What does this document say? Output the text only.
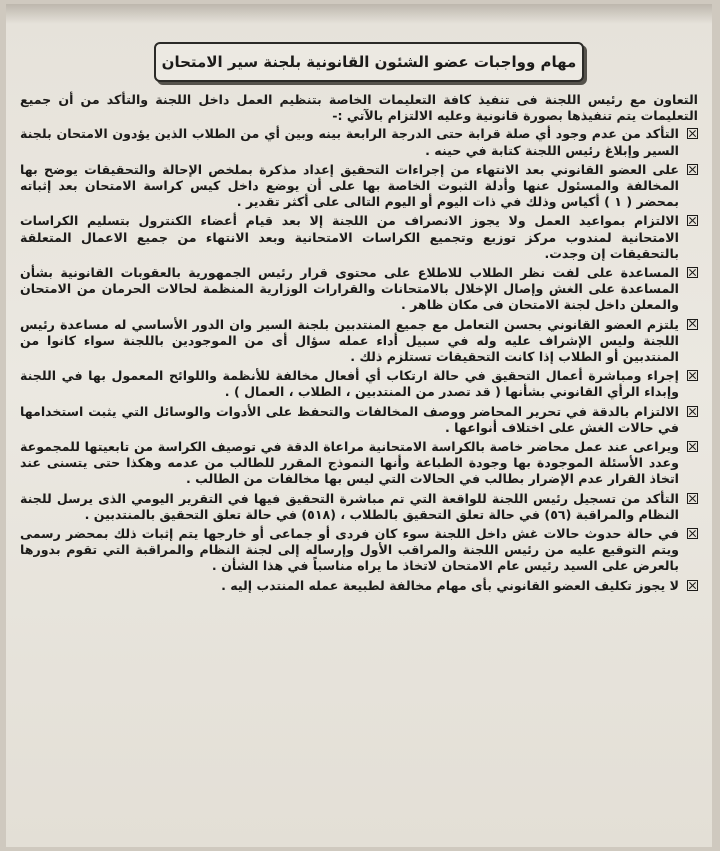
مهام وواجبات عضو الشئون القانونية بلجنة سير الامتحان

التعاون مع رئيس اللجنة فى تنفيذ كافة التعليمات الخاصة بتنظيم العمل داخل اللجنة والتأكد من أن جميع التعليمات يتم تنفيذها بصورة قانونية وعليه الالتزام بالآتي :-

التأكد من عدم وجود أي صلة قرابة حتى الدرجة الرابعة بينه وبين أي من الطلاب الذين يؤدون الامتحان بلجنة السير وإبلاغ رئيس اللجنة كتابة في حينه .
على العضو القانوني بعد الانتهاء من إجراءات التحقيق إعداد مذكرة بملخص الإحالة والتحقيقات يوضح بها المخالفة والمسئول عنها وأدلة الثبوت الخاصة بها على أن يوضع داخل كيس كراسة الامتحان بعد إثباته بمحضر ( ١ ) أكياس وذلك في ذات اليوم أو اليوم التالى على أكثر تقدير .
الالتزام بمواعيد العمل ولا يجوز الانصراف من اللجنة إلا بعد قيام أعضاء الكنترول بتسليم الكراسات الامتحانية لمندوب مركز توزيع وتجميع الكراسات الامتحانية وبعد الانتهاء من جميع الاعمال المتعلقة بالتحقيقات إن وجدت.
المساعدة على لفت نظر الطلاب للاطلاع على محتوى قرار رئيس الجمهورية بالعقوبات القانونية بشأن المساعدة على الغش وإصال الإخلال بالامتحانات والقرارات الوزارية المنظمة لحالات الحرمان من الامتحان والمعلن داخل لجنة الامتحان فى مكان ظاهر .
يلتزم العضو القانوني بحسن التعامل مع جميع المنتدبين بلجنة السير وان الدور الأساسي له مساعدة رئيس اللجنة وليس الإشراف عليه وله في سبيل أداء عمله سؤال أى من الموجودين باللجنة سواء كانوا من المنتدبين أو الطلاب إذا كانت التحقيقات تستلزم ذلك .
إجراء ومباشرة أعمال التحقيق في حالة ارتكاب أي أفعال مخالفة للأنظمة واللوائح المعمول بها في اللجنة وإبداء الرأي القانوني بشأنها ( قد تصدر من المنتدبين ، الطلاب ، العمال ) .
الالتزام بالدقة في تحرير المحاضر ووصف المخالفات والتحفظ على الأدوات والوسائل التي يثبت استخدامها في حالات الغش على اختلاف أنواعها .
ويراعى عند عمل محاضر خاصة بالكراسة الامتحانية مراعاة الدقة في توصيف الكراسة من تابعيتها للمجموعة وعدد الأسئلة الموجودة بها وجودة الطباعة وأنها النموذج المقرر للطالب من عدمه وهكذا حتى يتسنى عند اتخاذ القرار عدم الإضرار بطالب في الحالات التي ليس بها مخالفات من الطالب .
التأكد من تسجيل رئيس اللجنة للواقعة التي تم مباشرة التحقيق فيها في التقرير اليومي الذى يرسل للجنة النظام والمراقبة (٥٦) في حالة تعلق التحقيق بالطلاب ، (٥١٨) في حالة تعلق التحقيق بالمنتدبين .
في حالة حدوث حالات غش داخل اللجنة سوء كان فردى أو جماعى أو خارجها يتم إثبات ذلك بمحضر رسمى ويتم التوقيع عليه من رئيس اللجنة والمراقب الأول وإرساله إلى لجنة النظام والمراقبة التي تقوم بدورها بالعرض على السيد رئيس عام الامتحان لاتخاذ ما يراه مناسباً في هذا الشأن .
لا يجوز تكليف العضو القانوني بأى مهام مخالفة لطبيعة عمله المنتدب إليه .
